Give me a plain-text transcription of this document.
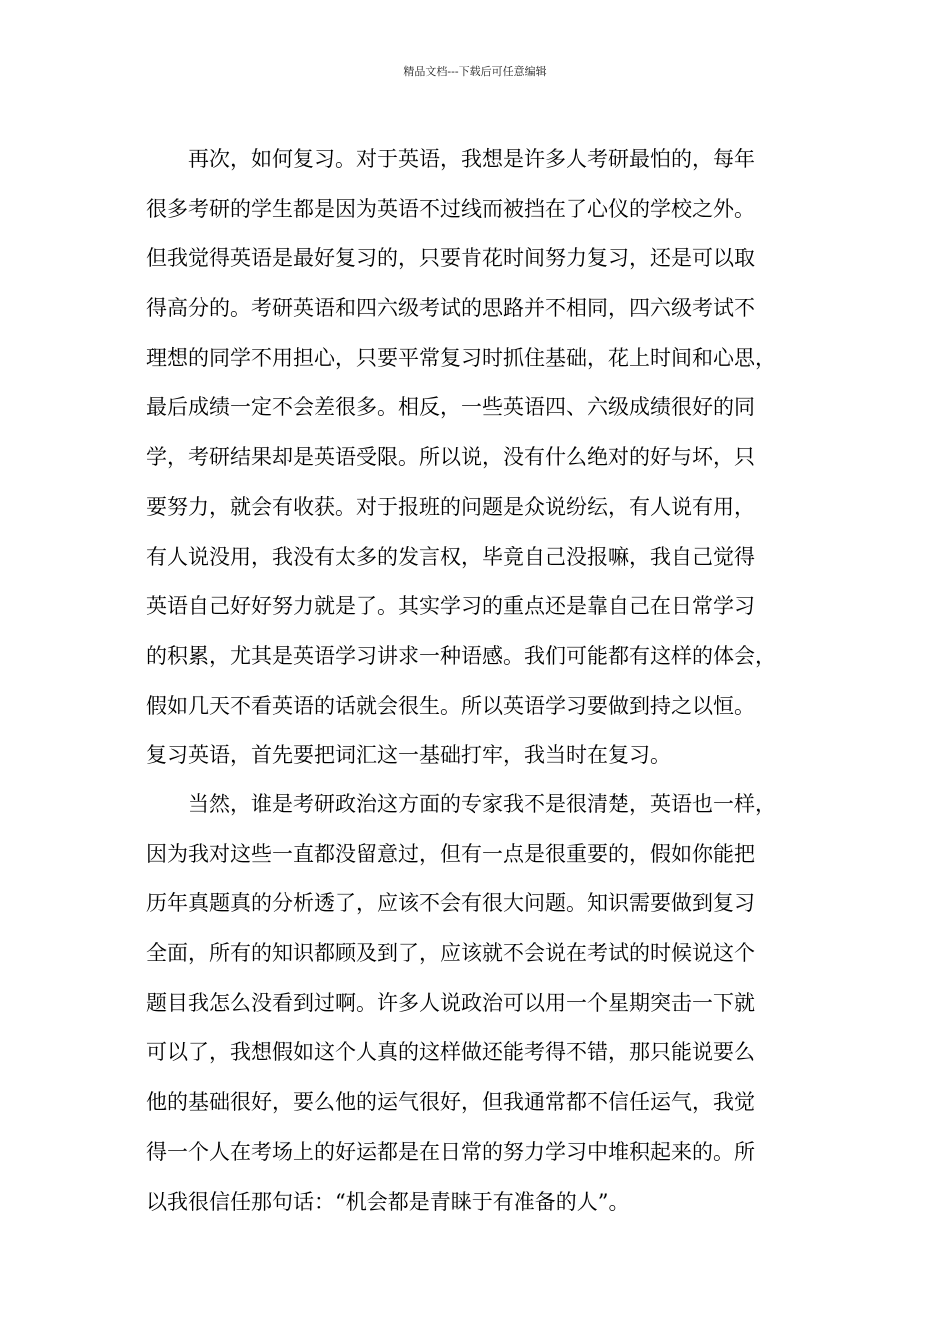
精品文档---下载后可任意编辑
再次，如何复习。对于英语，我想是许多人考研最怕的，每年
很多考研的学生都是因为英语不过线而被挡在了心仪的学校之外。
但我觉得英语是最好复习的，只要肯花时间努力复习，还是可以取
得高分的。考研英语和四六级考试的思路并不相同，四六级考试不
理想的同学不用担心，只要平常复习时抓住基础，花上时间和心思，
最后成绩一定不会差很多。相反，一些英语四、六级成绩很好的同
学，考研结果却是英语受限。所以说，没有什么绝对的好与坏，只
要努力，就会有收获。对于报班的问题是众说纷纭，有人说有用，
有人说没用，我没有太多的发言权，毕竟自己没报嘛，我自己觉得
英语自己好好努力就是了。其实学习的重点还是靠自己在日常学习
的积累，尤其是英语学习讲求一种语感。我们可能都有这样的体会，
假如几天不看英语的话就会很生。所以英语学习要做到持之以恒。
复习英语，首先要把词汇这一基础打牢，我当时在复习。
当然，谁是考研政治这方面的专家我不是很清楚，英语也一样，
因为我对这些一直都没留意过，但有一点是很重要的，假如你能把
历年真题真的分析透了，应该不会有很大问题。知识需要做到复习
全面，所有的知识都顾及到了，应该就不会说在考试的时候说这个
题目我怎么没看到过啊。许多人说政治可以用一个星期突击一下就
可以了，我想假如这个人真的这样做还能考得不错，那只能说要么
他的基础很好，要么他的运气很好，但我通常都不信任运气，我觉
得一个人在考场上的好运都是在日常的努力学习中堆积起来的。所
以我很信任那句话：“机会都是青睐于有准备的人”。
